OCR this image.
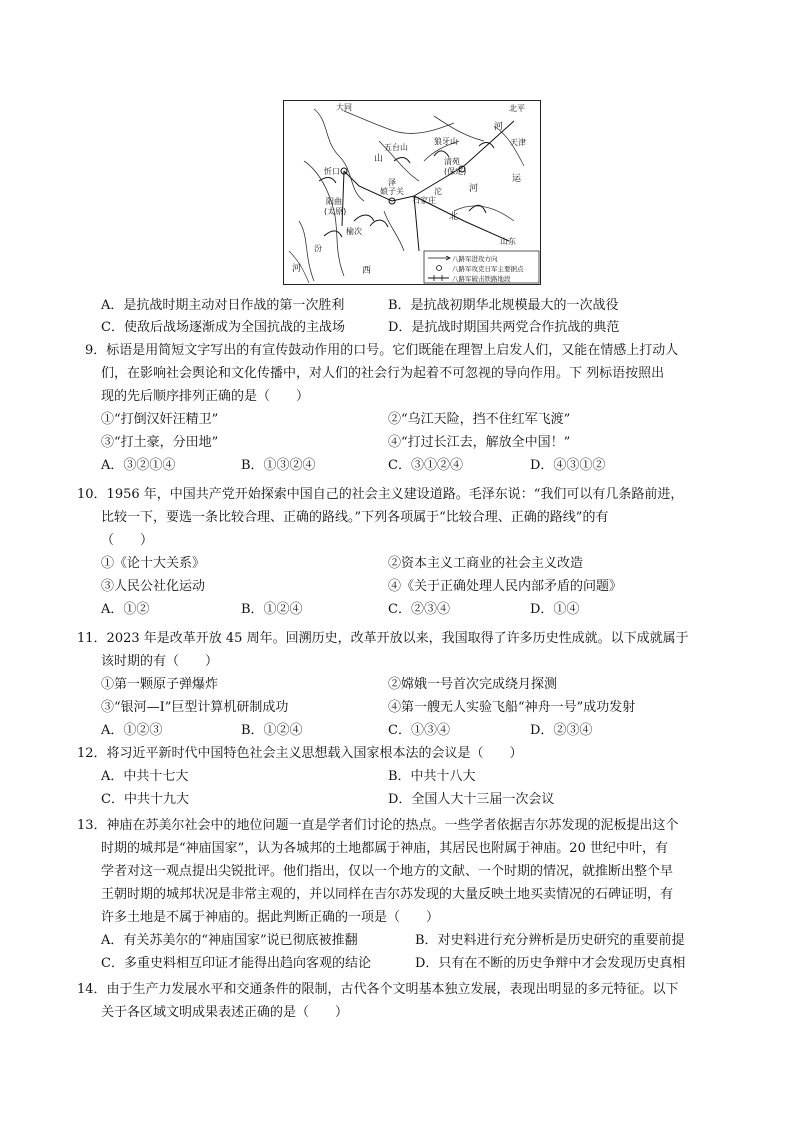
大同	北平
天津
五台山
狼牙山
清苑
(保定)
忻口
阳曲
(太原)
娘子关
石家庄
榆次
山东
山
西
河
河
河
北
运
泽
汾
沱
八路军进攻方向
八路军攻克日军主要据点
八路军破击铁路地段
A．是抗战时期主动对日作战的第一次胜利	B．是抗战初期华北规模最大的一次战役
C．使敌后战场逐渐成为全国抗战的主战场	D．是抗战时期国共两党合作抗战的典范
9．标语是用简短文字写出的有宣传鼓动作用的口号。它们既能在理智上启发人们，又能在情感上打动人
们，在影响社会舆论和文化传播中，对人们的社会行为起着不可忽视的导向作用。下 列标语按照出
现的先后顺序排列正确的是（　　）
①“打倒汉奸汪精卫”	②“乌江天险，挡不住红军飞渡”
③“打土豪，分田地”	④“打过长江去，解放全中国！”
A．③②①④	B．①③②④	C．③①②④	D．④③①②
10．1956 年，中国共产党开始探索中国自己的社会主义建设道路。毛泽东说：“我们可以有几条路前进，
比较一下，要选一条比较合理、正确的路线。”下列各项属于“比较合理、正确的路线”的有
（　　）
①《论十大关系》	②资本主义工商业的社会主义改造
③人民公社化运动	④《关于正确处理人民内部矛盾的问题》
A．①②	B．①②④	C．②③④	D．①④
11．2023 年是改革开放 45 周年。回溯历史，改革开放以来，我国取得了许多历史性成就。以下成就属于
该时期的有（　　）
①第一颗原子弹爆炸	②嫦娥一号首次完成绕月探测
③“银河—I”巨型计算机研制成功	④第一艘无人实验飞船“神舟一号”成功发射
A．①②③	B．①②④	C．①③④	D．②③④
12．将习近平新时代中国特色社会主义思想载入国家根本法的会议是（　　）
A．中共十七大	B．中共十八大
C．中共十九大	D．全国人大十三届一次会议
13．神庙在苏美尔社会中的地位问题一直是学者们讨论的热点。一些学者依据吉尔苏发现的泥板提出这个
时期的城邦是“神庙国家”，认为各城邦的土地都属于神庙，其居民也附属于神庙。20 世纪中叶，有
学者对这一观点提出尖锐批评。他们指出，仅以一个地方的文献、一个时期的情况，就推断出整个早
王朝时期的城邦状况是非常主观的，并以同样在吉尔苏发现的大量反映土地买卖情况的石碑证明，有
许多土地是不属于神庙的。据此判断正确的一项是（　　）
A．有关苏美尔的“神庙国家”说已彻底被推翻	B．对史料进行充分辨析是历史研究的重要前提
C．多重史料相互印证才能得出趋向客观的结论	D．只有在不断的历史争辩中才会发现历史真相
14．由于生产力发展水平和交通条件的限制，古代各个文明基本独立发展，表现出明显的多元特征。以下
关于各区域文明成果表述正确的是（　　）
